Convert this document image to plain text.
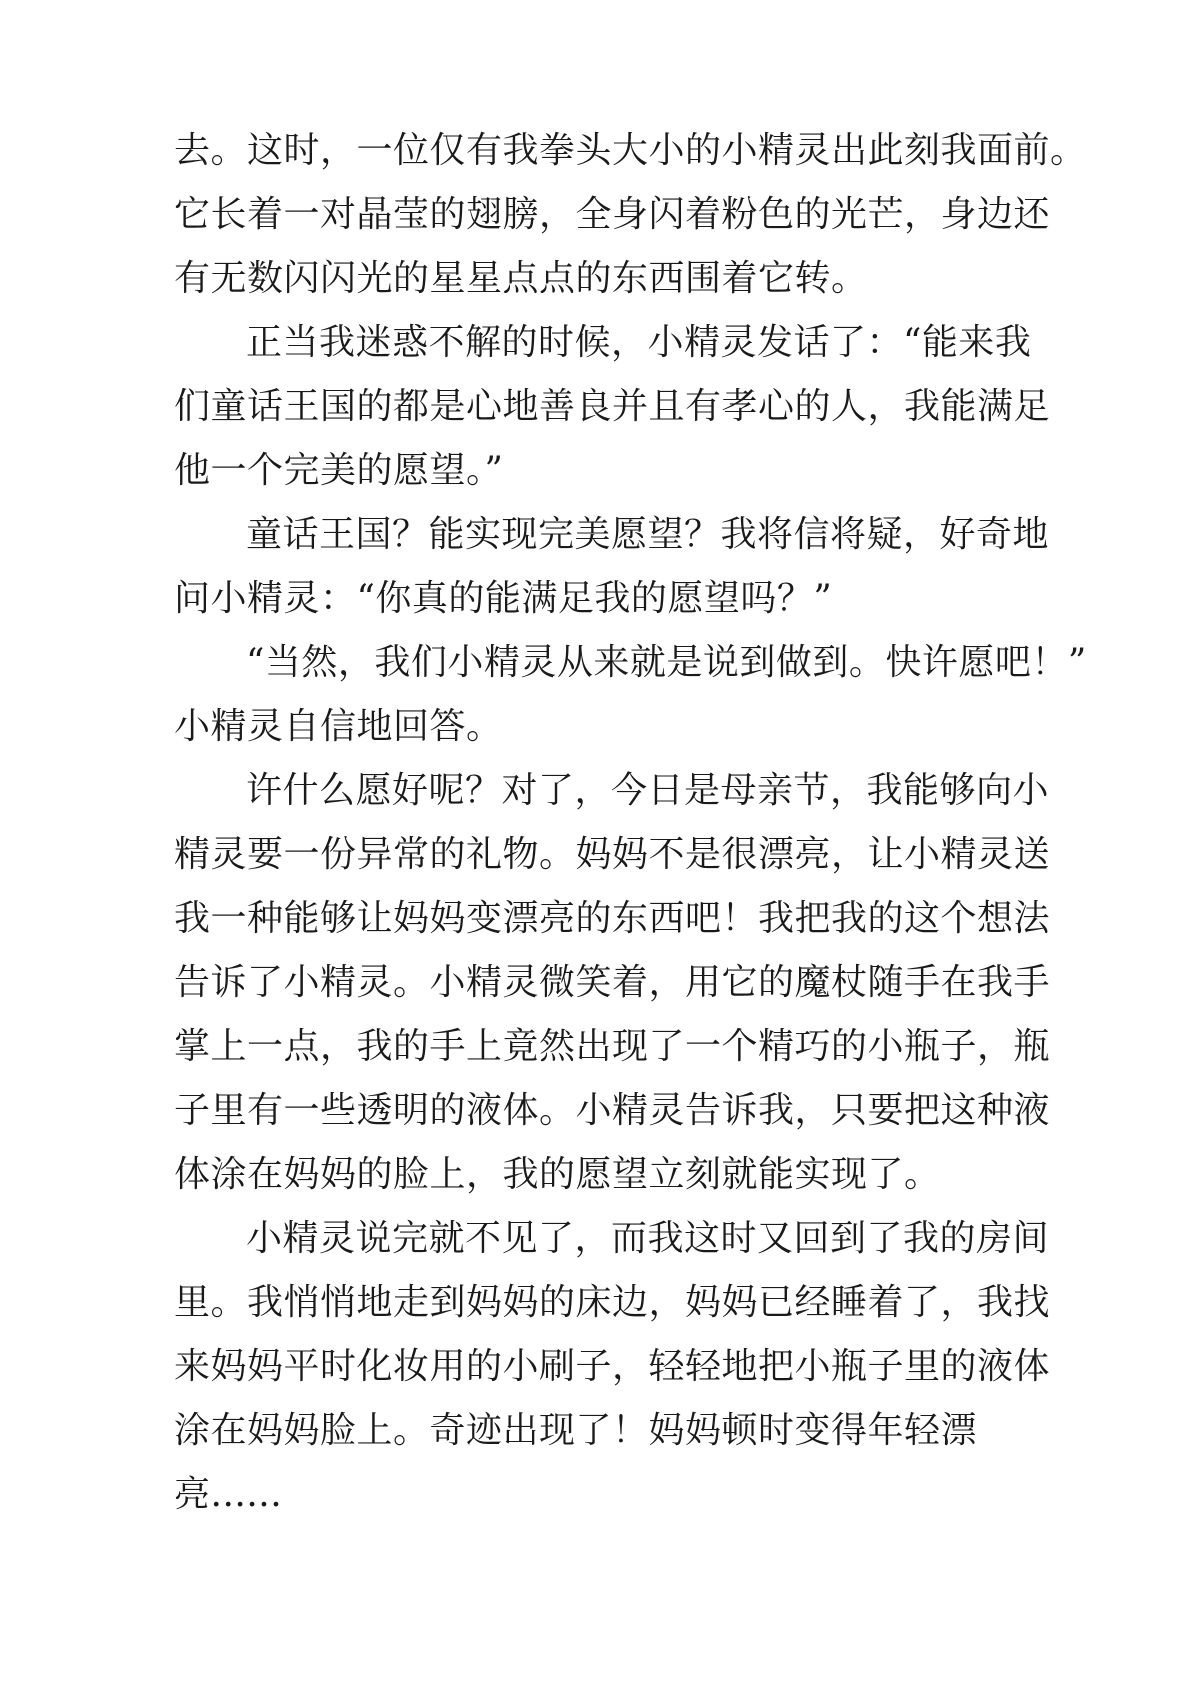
去。这时，一位仅有我拳头大小的小精灵出此刻我面前。
它长着一对晶莹的翅膀，全身闪着粉色的光芒，身边还
有无数闪闪光的星星点点的东西围着它转。
正当我迷惑不解的时候，小精灵发话了：“能来我
们童话王国的都是心地善良并且有孝心的人，我能满足
他一个完美的愿望。”
童话王国？能实现完美愿望？我将信将疑，好奇地
问小精灵：“你真的能满足我的愿望吗？”
“当然，我们小精灵从来就是说到做到。快许愿吧！”
小精灵自信地回答。
许什么愿好呢？对了，今日是母亲节，我能够向小
精灵要一份异常的礼物。妈妈不是很漂亮，让小精灵送
我一种能够让妈妈变漂亮的东西吧！我把我的这个想法
告诉了小精灵。小精灵微笑着，用它的魔杖随手在我手
掌上一点，我的手上竟然出现了一个精巧的小瓶子，瓶
子里有一些透明的液体。小精灵告诉我，只要把这种液
体涂在妈妈的脸上，我的愿望立刻就能实现了。
小精灵说完就不见了，而我这时又回到了我的房间
里。我悄悄地走到妈妈的床边，妈妈已经睡着了，我找
来妈妈平时化妆用的小刷子，轻轻地把小瓶子里的液体
涂在妈妈脸上。奇迹出现了！妈妈顿时变得年轻漂
亮......
